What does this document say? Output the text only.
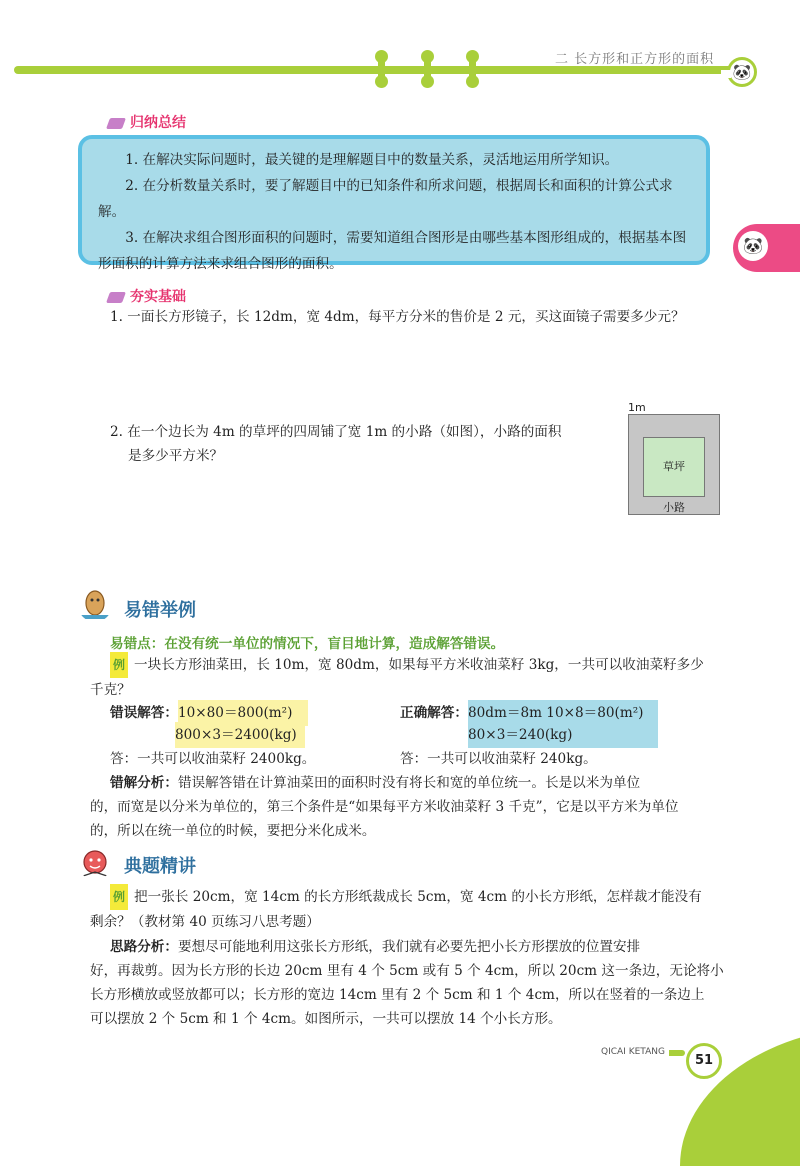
二 长方形和正方形的面积
🐼
归纳总结

1. 在解决实际问题时，最关键的是理解题目中的数量关系，灵活地运用所学知识。

2. 在分析数量关系时，要了解题目中的已知条件和所求问题，根据周长和面积的计算公式求解。

3. 在解决求组合图形面积的问题时，需要知道组合图形是由哪些基本图形组成的，根据基本图形面积的计算方法来求组合图形的面积。

🐼
夯实基础
1. 一面长方形镜子，长 12dm，宽 4dm，每平方分米的售价是 2 元，买这面镜子需要多少元？
2. 在一个边长为 4m 的草坪的四周铺了宽 1m 的小路（如图），小路的面积
是多少平方米？
1m
草坪
小路
易错举例
易错点：在没有统一单位的情况下，盲目地计算，造成解答错误。
例 一块长方形油菜田，长 10m，宽 80dm，如果每平方米收油菜籽 3kg，一共可以收油菜籽多少
千克？
错误解答：10×80＝800(m²)
800×3＝2400(kg)
答：一共可以收油菜籽 2400kg。
正确解答：80dm＝8m 10×8＝80(m²)
80×3＝240(kg)
答：一共可以收油菜籽 240kg。
错解分析：错误解答错在计算油菜田的面积时没有将长和宽的单位统一。长是以米为单位
的，而宽是以分米为单位的，第三个条件是“如果每平方米收油菜籽 3 千克”，它是以平方米为单位
的，所以在统一单位的时候，要把分米化成米。
典题精讲
例 把一张长 20cm，宽 14cm 的长方形纸裁成长 5cm，宽 4cm 的小长方形纸，怎样裁才能没有
剩余？（教材第 40 页练习八思考题）
思路分析：要想尽可能地利用这张长方形纸，我们就有必要先把小长方形摆放的位置安排
好，再裁剪。因为长方形的长边 20cm 里有 4 个 5cm 或有 5 个 4cm，所以 20cm 这一条边，无论将小
长方形横放或竖放都可以；长方形的宽边 14cm 里有 2 个 5cm 和 1 个 4cm，所以在竖着的一条边上
可以摆放 2 个 5cm 和 1 个 4cm。如图所示，一共可以摆放 14 个小长方形。
QICAI KETANG
51
